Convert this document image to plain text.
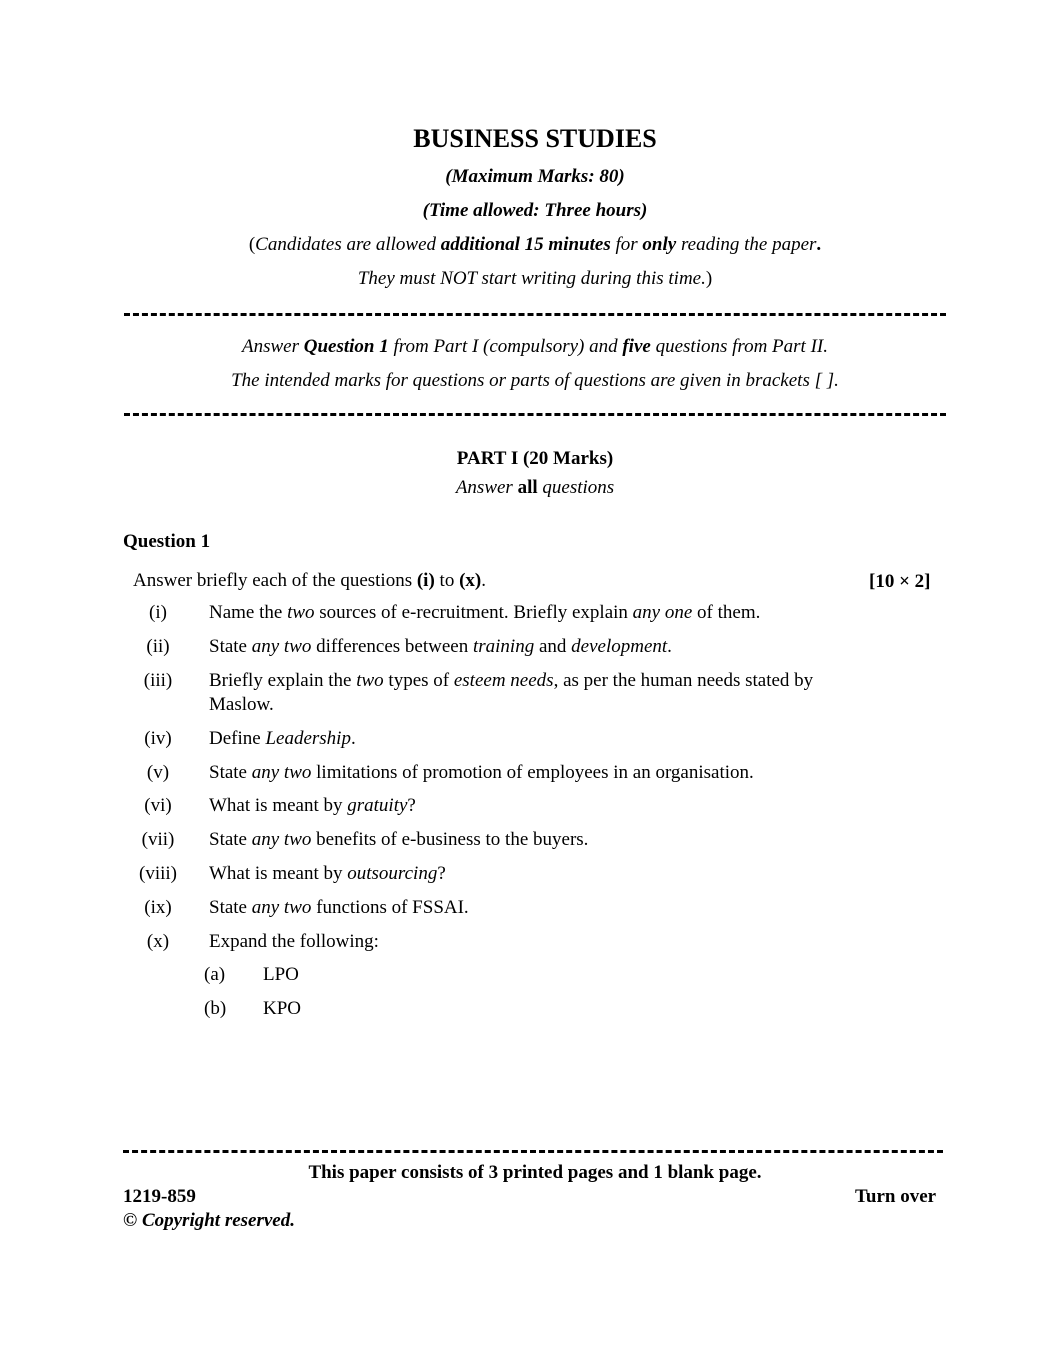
BUSINESS STUDIES
(Maximum Marks: 80)
(Time allowed: Three hours)
(Candidates are allowed additional 15 minutes for only reading the paper.
They must NOT start writing during this time.)
Answer Question 1 from Part I (compulsory) and five questions from Part II.
The intended marks for questions or parts of questions are given in brackets [ ].
PART I (20 Marks)
Answer all questions
Question 1
Answer briefly each of the questions (i) to (x).	[10 × 2]
(i)	Name the two sources of e-recruitment. Briefly explain any one of them.
(ii)	State any two differences between training and development.
(iii)	Briefly explain the two types of esteem needs, as per the human needs stated by Maslow.
(iv)	Define Leadership.
(v)	State any two limitations of promotion of employees in an organisation.
(vi)	What is meant by gratuity?
(vii)	State any two benefits of e-business to the buyers.
(viii)	What is meant by outsourcing?
(ix)	State any two functions of FSSAI.
(x)	Expand the following:
(a) LPO
(b) KPO
This paper consists of 3 printed pages and 1 blank page.
1219-859	Turn over
© Copyright reserved.
